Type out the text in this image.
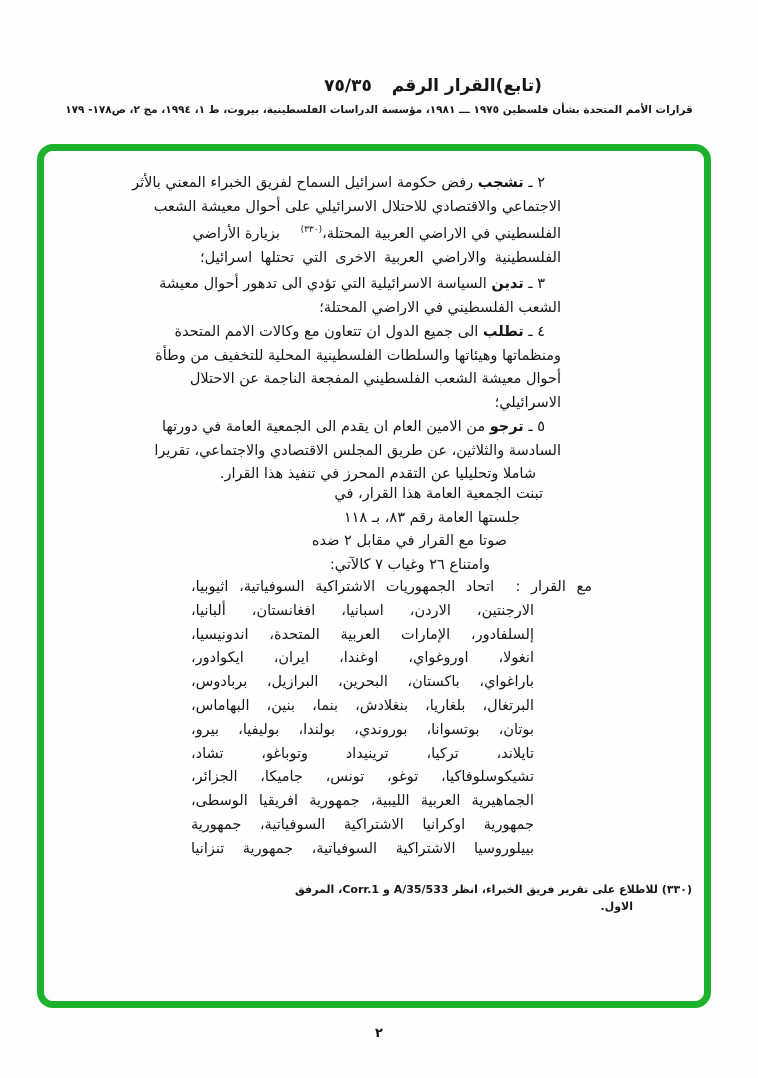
(تابع)القرار الرقم ٧٥/٣٥
قرارات الأمم المتحدة بشأن فلسطين ١٩٧٥ ـــ ١٩٨١، مؤسسة الدراسات الفلسطينية، بيروت، ط ١، ١٩٩٤، مج ٢، ص١٧٨- ١٧٩
٢ ـ تشجب رفض حكومة اسرائيل السماح لفريق الخبراء المعني بالأثر
الاجتماعي والاقتصادي للاحتلال الاسرائيلي على أحوال معيشة الشعب
الفلسطيني في الاراضي العربية المحتلة،$^{(٣٣٠)}$ بزيارة الأراضي
الفلسطينية والاراضي العربية الاخرى التي تحتلها اسرائيل؛
٣ ـ تدين السياسة الاسرائيلية التي تؤدي الى تدهور أحوال معيشة
الشعب الفلسطيني في الاراضي المحتلة؛
٤ ـ تطلب الى جميع الدول ان تتعاون مع وكالات الامم المتحدة
ومنظماتها وهيئاتها والسلطات الفلسطينية المحلية للتخفيف من وطأة
أحوال معيشة الشعب الفلسطيني المفجعة الناجمة عن الاحتلال
الاسرائيلي؛
٥ ـ ترجو من الامين العام ان يقدم الى الجمعية العامة في دورتها
السادسة والثلاثين، عن طريق المجلس الاقتصادي والاجتماعي، تقريرا
شاملا وتحليليا عن التقدم المحرز في تنفيذ هذا القرار.
تبنت الجمعية العامة هذا القرار، في
جلستها العامة رقم ٨٣، بـ ١١٨
صوتا مع القرار في مقابل ٢ ضده
وامتناع ٢٦ وغياب ٧ كالآتي:
مع القرار :  اتحاد الجمهوريات الاشتراكية السوفياتية، اثيوبيا،
الارجنتين، الاردن، اسبانيا، افغانستان، ألبانيا،
إلسلفادور، الإمارات العربية المتحدة، اندونيسيا،
انغولا، اوروغواي، اوغندا، ايران، ايكوادور،
باراغواي، باكستان، البحرين، البرازيل، بربادوس،
البرتغال، بلغاريا، بنغلادش، بنما، بنين، البهاماس،
بوتان، بوتسوانا، بوروندي، بولندا، بوليفيا، بيرو،
تايلاند، تركيا، ترينيداد وتوباغو، تشاد،
تشيكوسلوفاكيا، توغو، تونس، جاميكا، الجزائر،
الجماهيرية العربية الليبية، جمهورية افريقيا الوسطى،
جمهورية اوكرانيا الاشتراكية السوفياتية، جمهورية
بييلوروسيا الاشتراكية السوفياتية، جمهورية تنزانيا
(٣٣٠) للاطلاع على تقرير فريق الخبراء، انظر A/35/533 و Corr.1، المرفق
الاول.
٢
